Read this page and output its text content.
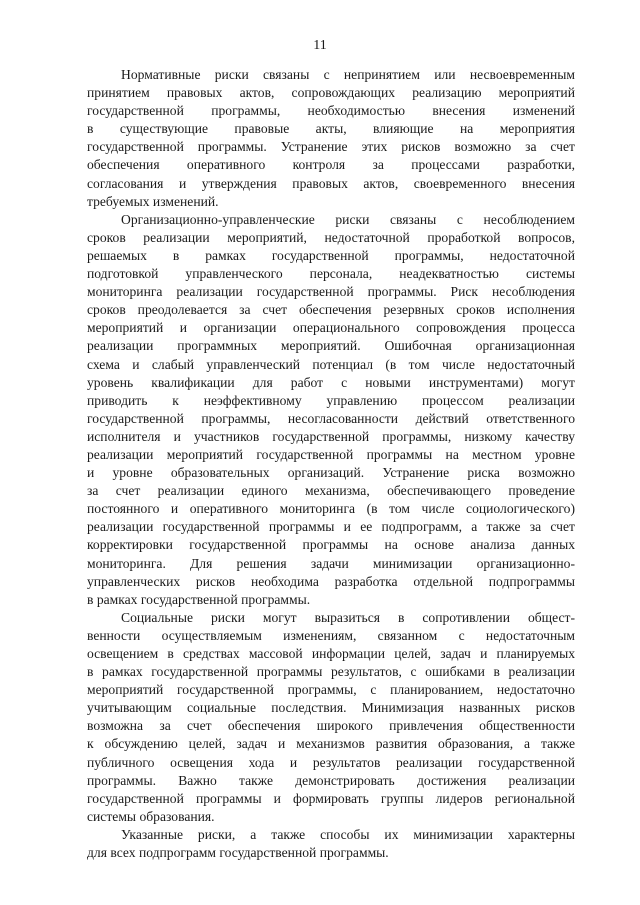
11
Нормативные риски связаны с непринятием или несвоевременным
принятием правовых актов, сопровождающих реализацию мероприятий
государственной программы, необходимостью внесения изменений
в существующие правовые акты, влияющие на мероприятия
государственной программы. Устранение этих рисков возможно за счет
обеспечения оперативного контроля за процессами разработки,
согласования и утверждения правовых актов, своевременного внесения
требуемых изменений.
Организационно-управленческие риски связаны с несоблюдением
сроков реализации мероприятий, недостаточной проработкой вопросов,
решаемых в рамках государственной программы, недостаточной
подготовкой управленческого персонала, неадекватностью системы
мониторинга реализации государственной программы. Риск несоблюдения
сроков преодолевается за счет обеспечения резервных сроков исполнения
мероприятий и организации операционального сопровождения процесса
реализации программных мероприятий. Ошибочная организационная
схема и слабый управленческий потенциал (в том числе недостаточный
уровень квалификации для работ с новыми инструментами) могут
приводить к неэффективному управлению процессом реализации
государственной программы, несогласованности действий ответственного
исполнителя и участников государственной программы, низкому качеству
реализации мероприятий государственной программы на местном уровне
и уровне образовательных организаций. Устранение риска возможно
за счет реализации единого механизма, обеспечивающего проведение
постоянного и оперативного мониторинга (в том числе социологического)
реализации государственной программы и ее подпрограмм, а также за счет
корректировки государственной программы на основе анализа данных
мониторинга. Для решения задачи минимизации организационно-
управленческих рисков необходима разработка отдельной подпрограммы
в рамках государственной программы.
Социальные риски могут выразиться в сопротивлении общест-
венности осуществляемым изменениям, связанном с недостаточным
освещением в средствах массовой информации целей, задач и планируемых
в рамках государственной программы результатов, с ошибками в реализации
мероприятий государственной программы, с планированием, недостаточно
учитывающим социальные последствия. Минимизация названных рисков
возможна за счет обеспечения широкого привлечения общественности
к обсуждению целей, задач и механизмов развития образования, а также
публичного освещения хода и результатов реализации государственной
программы. Важно также демонстрировать достижения реализации
государственной программы и формировать группы лидеров региональной
системы образования.
Указанные риски, а также способы их минимизации характерны
для всех подпрограмм государственной программы.
